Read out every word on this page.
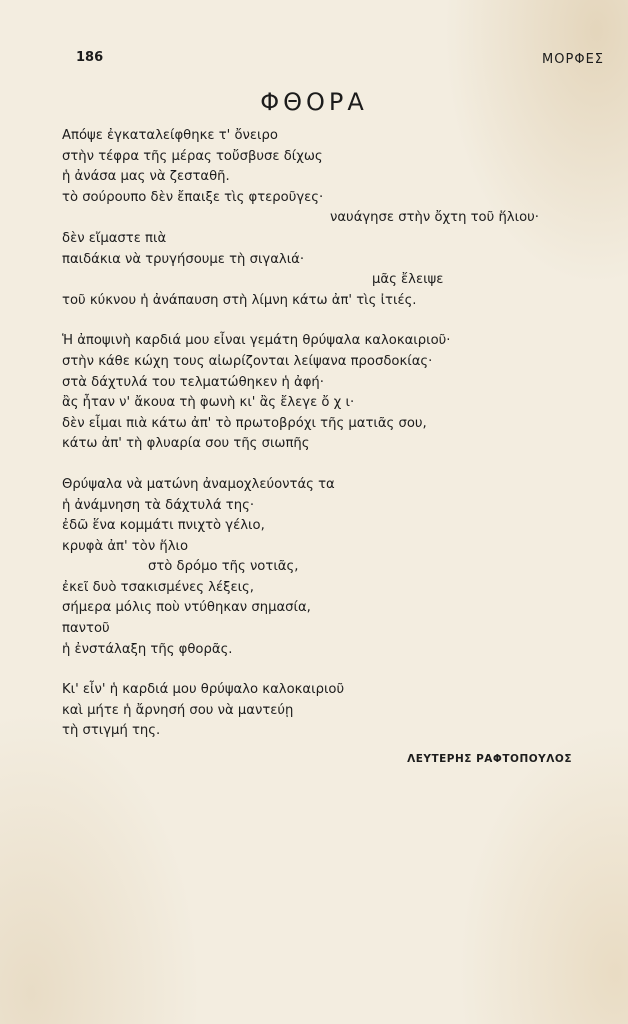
186	ΜΟΡΦΕΣ
ΦΘΟΡΑ
Απόψε ἐγκαταλείφθηκε τ' ὄνειρο
στὴν τέφρα τῆς μέρας τοὔσβυσε δίχως
ἡ ἀνάσα μας νὰ ζεσταθῆ.
τὸ σούρουπο δὲν ἔπαιξε τὶς φτεροῦγες·
ναυάγησε στὴν ὄχτη τοῦ ἥλιου·
δὲν εἴμαστε πιὰ
παιδάκια νὰ τρυγήσουμε τὴ σιγαλιά·
μᾶς ἔλειψε
τοῦ κύκνου ἡ ἀνάπαυση στὴ λίμνη κάτω ἀπ' τὶς ἰτιές.
Ἡ ἀποψινὴ καρδιά μου εἶναι γεμάτη θρύψαλα καλοκαιριοῦ·
στὴν κάθε κώχη τους αἰωρίζονται λείψανα προσδοκίας·
στὰ δάχτυλά του τελματώθηκεν ἡ ἀφή·
ἂς ἦταν ν' ἄκουα τὴ φωνὴ κι' ἂς ἔλεγε ὄ χ ι·
δὲν εἶμαι πιὰ κάτω ἀπ' τὸ πρωτοβρόχι τῆς ματιᾶς σου,
κάτω ἀπ' τὴ φλυαρία σου τῆς σιωπῆς
Θρύψαλα νὰ ματώνη ἀναμοχλεύοντάς τα
ἡ ἀνάμνηση τὰ δάχτυλά της·
ἐδῶ ἕνα κομμάτι πνιχτὸ γέλιο,
κρυφὰ ἀπ' τὸν ἥλιο
στὸ δρόμο τῆς νοτιᾶς,
ἐκεῖ δυὸ τσακισμένες λέξεις,
σήμερα μόλις ποὺ ντύθηκαν σημασία,
παντοῦ
ἡ ἐνστάλαξη τῆς φθορᾶς.
Κι' εἶν' ἡ καρδιά μου θρύψαλο καλοκαιριοῦ
καὶ μήτε ἡ ἄρνησή σου νὰ μαντεύῃ
τὴ στιγμή της.
ΛΕΥΤΕΡΗΣ ΡΑΦΤΟΠΟΥΛΟΣ
